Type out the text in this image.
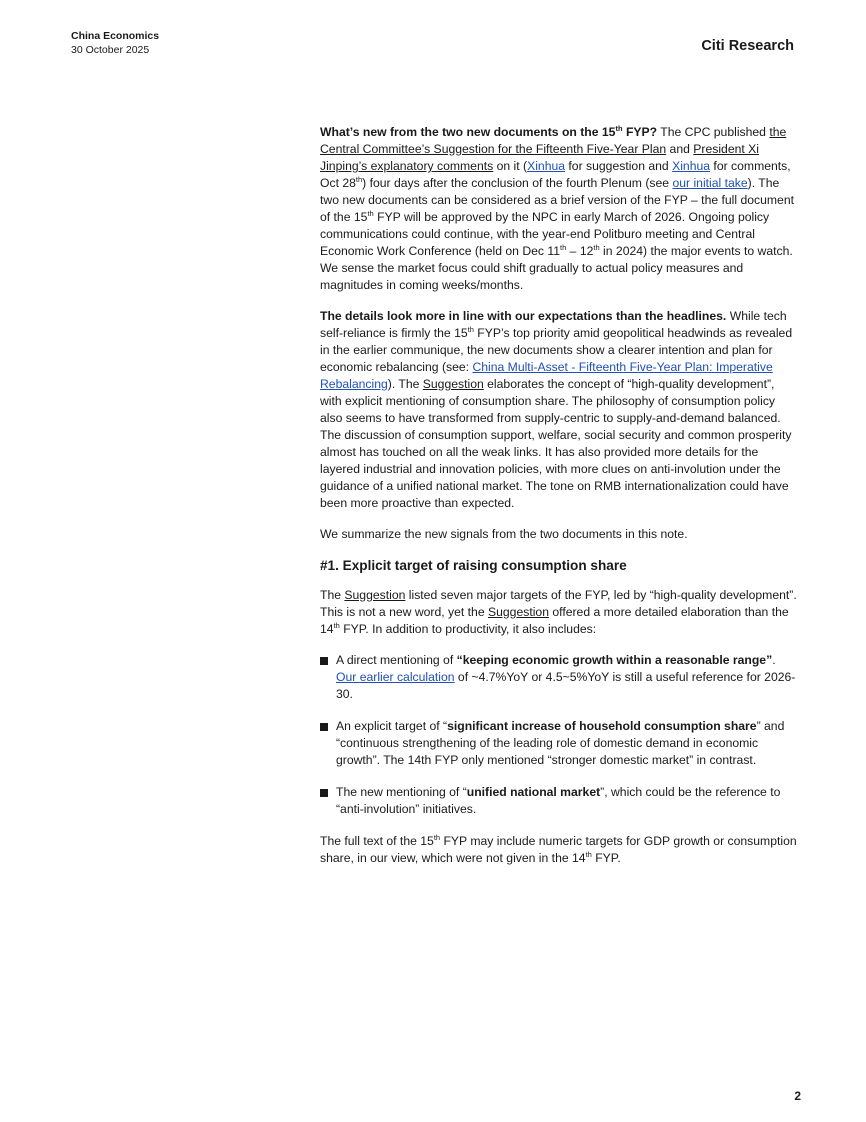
China Economics
30 October 2025	Citi Research

What’s new from the two new documents on the 15th FYP? The CPC published the Central Committee’s Suggestion for the Fifteenth Five-Year Plan and President Xi Jinping’s explanatory comments on it (Xinhua for suggestion and Xinhua for comments, Oct 28th) four days after the conclusion of the fourth Plenum (see our initial take). The two new documents can be considered as a brief version of the FYP – the full document of the 15th FYP will be approved by the NPC in early March of 2026. Ongoing policy communications could continue, with the year-end Politburo meeting and Central Economic Work Conference (held on Dec 11th – 12th in 2024) the major events to watch. We sense the market focus could shift gradually to actual policy measures and magnitudes in coming weeks/months.

The details look more in line with our expectations than the headlines. While tech self-reliance is firmly the 15th FYP’s top priority amid geopolitical headwinds as revealed in the earlier communique, the new documents show a clearer intention and plan for economic rebalancing (see: China Multi-Asset - Fifteenth Five-Year Plan: Imperative Rebalancing). The Suggestion elaborates the concept of “high-quality development”, with explicit mentioning of consumption share. The philosophy of consumption policy also seems to have transformed from supply-centric to supply-and-demand balanced. The discussion of consumption support, welfare, social security and common prosperity almost has touched on all the weak links. It has also provided more details for the layered industrial and innovation policies, with more clues on anti-involution under the guidance of a unified national market. The tone on RMB internationalization could have been more proactive than expected.

We summarize the new signals from the two documents in this note.

#1. Explicit target of raising consumption share

The Suggestion listed seven major targets of the FYP, led by “high-quality development”. This is not a new word, yet the Suggestion offered a more detailed elaboration than the 14th FYP. In addition to productivity, it also includes:

A direct mentioning of “keeping economic growth within a reasonable range”. Our earlier calculation of ~4.7%YoY or 4.5~5%YoY is still a useful reference for 2026-30.
An explicit target of “significant increase of household consumption share” and “continuous strengthening of the leading role of domestic demand in economic growth”. The 14th FYP only mentioned “stronger domestic market” in contrast.
The new mentioning of “unified national market”, which could be the reference to “anti-involution” initiatives.

The full text of the 15th FYP may include numeric targets for GDP growth or consumption share, in our view, which were not given in the 14th FYP.

2
